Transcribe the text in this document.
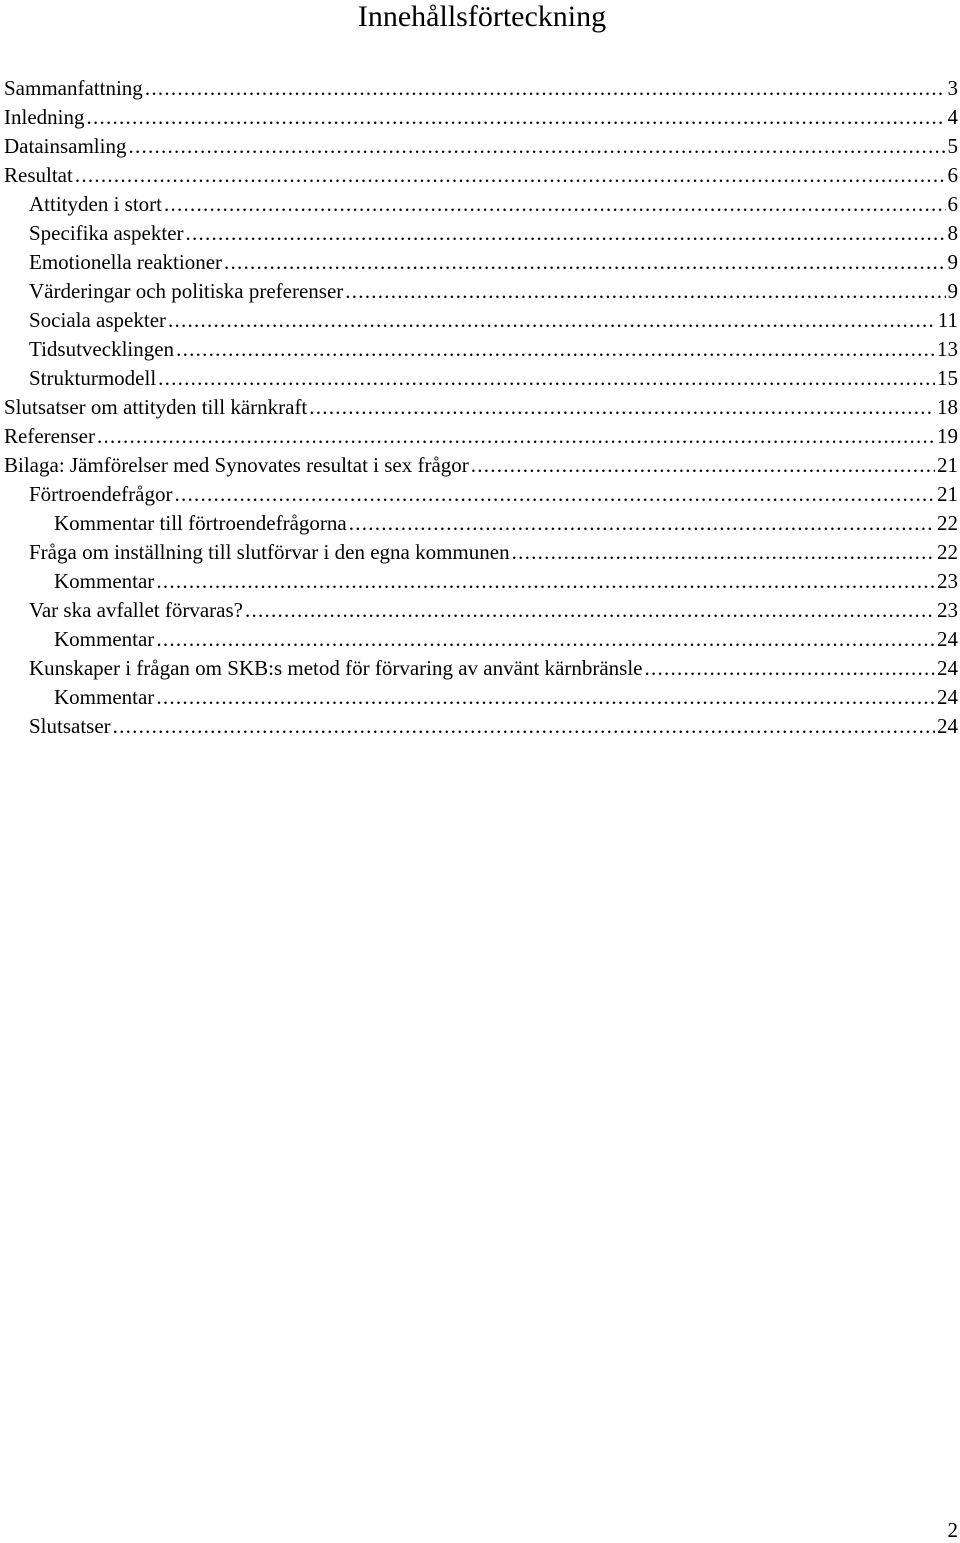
Innehållsförteckning
Sammanfattning . . .	3
Inledning . . .	4
Datainsamling . . .	5
Resultat . . .	6
Attityden i stort . . .	6
Specifika aspekter . . .	8
Emotionella reaktioner . . .	9
Värderingar och politiska preferenser . . .	9
Sociala aspekter . . .	11
Tidsutvecklingen . . .	13
Strukturmodell . . .	15
Slutsatser om attityden till kärnkraft . . .	18
Referenser . . .	19
Bilaga: Jämförelser med Synovates resultat i sex frågor . . .	21
Förtroendefrågor . . .	21
Kommentar till förtroendefrågorna . . .	22
Fråga om inställning till slutförvar i den egna kommunen . . .	22
Kommentar . . .	23
Var ska avfallet förvaras? . . .	23
Kommentar . . .	24
Kunskaper i frågan om SKB:s metod för förvaring av använt kärnbränsle . . .	24
Kommentar . . .	24
Slutsatser . . .	24
2
